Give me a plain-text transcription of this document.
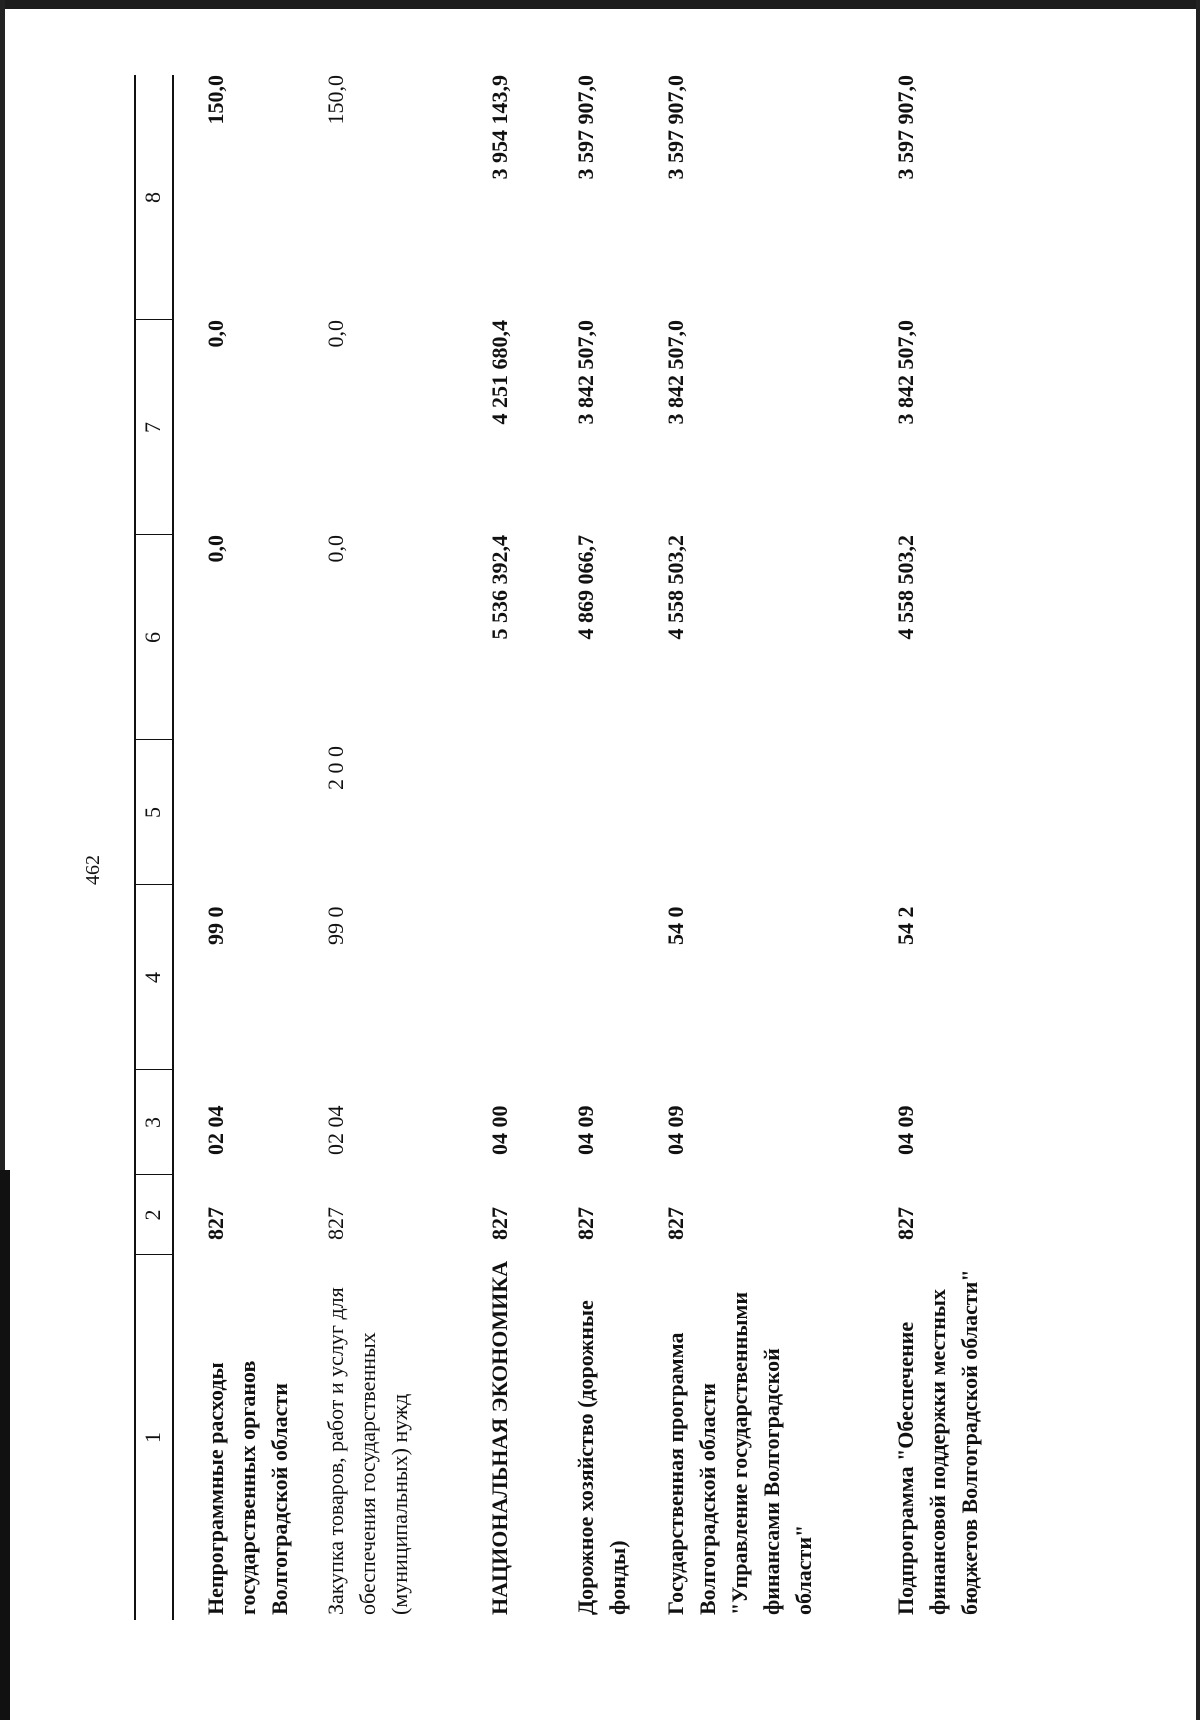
462
1
2
3
4
5
6
7
8
Непрограммные расходы государственных органов Волгоградской области
827
02 04
99 0
0,0
0,0
150,0
Закупка товаров, работ и услуг для обеспечения государственных (муниципальных) нужд
827
02 04
99 0
2 0 0
0,0
0,0
150,0
НАЦИОНАЛЬНАЯ ЭКОНОМИКА
827
04 00
5 536 392,4
4 251 680,4
3 954 143,9
Дорожное хозяйство (дорожные фонды)
827
04 09
4 869 066,7
3 842 507,0
3 597 907,0
Государственная программа Волгоградской области "Управление государственными финансами Волгоградской области"
827
04 09
54 0
4 558 503,2
3 842 507,0
3 597 907,0
Подпрограмма "Обеспечение финансовой поддержки местных бюджетов Волгоградской области"
827
04 09
54 2
4 558 503,2
3 842 507,0
3 597 907,0
